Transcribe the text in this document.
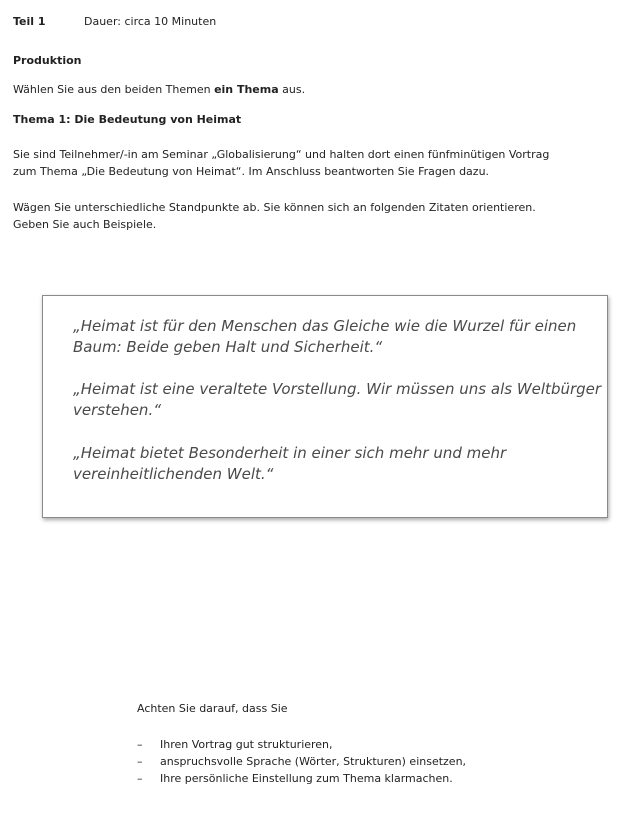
Teil 1	Dauer: circa 10 Minuten
Produktion
Wählen Sie aus den beiden Themen ein Thema aus.
Thema 1: Die Bedeutung von Heimat
Sie sind Teilnehmer/-in am Seminar „Globalisierung“ und halten dort einen fünfminütigen Vortrag
zum Thema „Die Bedeutung von Heimat“. Im Anschluss beantworten Sie Fragen dazu.
Wägen Sie unterschiedliche Standpunkte ab. Sie können sich an folgenden Zitaten orientieren.
Geben Sie auch Beispiele.
„Heimat ist für den Menschen das Gleiche wie die Wurzel für einen
Baum: Beide geben Halt und Sicherheit.“
„Heimat ist eine veraltete Vorstellung. Wir müssen uns als Weltbürger
verstehen.“
„Heimat bietet Besonderheit in einer sich mehr und mehr
vereinheitlichenden Welt.“
Achten Sie darauf, dass Sie
– Ihren Vortrag gut strukturieren,
– anspruchsvolle Sprache (Wörter, Strukturen) einsetzen,
– Ihre persönliche Einstellung zum Thema klarmachen.
